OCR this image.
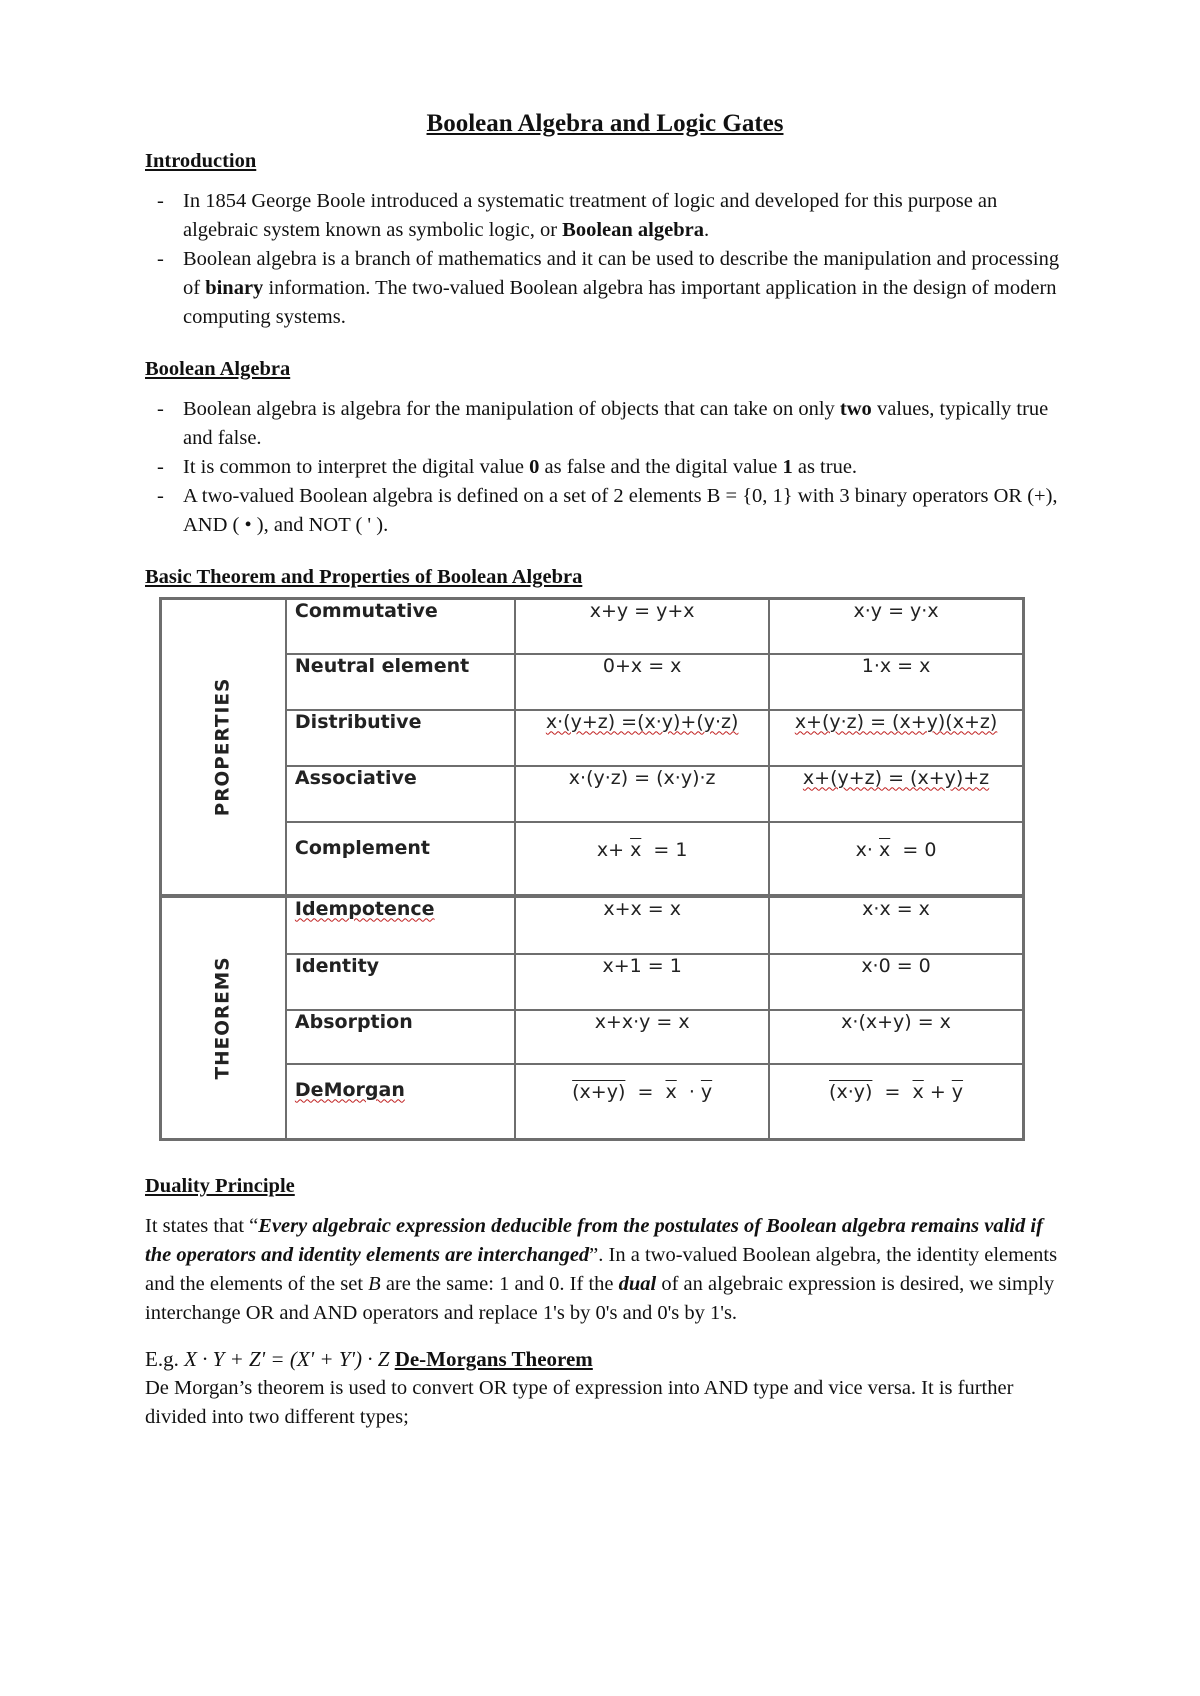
Boolean Algebra and Logic Gates
Introduction
- In 1854 George Boole introduced a systematic treatment of logic and developed for this purpose an algebraic system known as symbolic logic, or Boolean algebra.
- Boolean algebra is a branch of mathematics and it can be used to describe the manipulation and processing of binary information. The two-valued Boolean algebra has important application in the design of modern computing systems.
Boolean Algebra
- Boolean algebra is algebra for the manipulation of objects that can take on only two values, typically true and false.
- It is common to interpret the digital value 0 as false and the digital value 1 as true.
- A two-valued Boolean algebra is defined on a set of 2 elements B = {0, 1} with 3 binary operators OR (+), AND ( • ), and NOT ( ' ).
Basic Theorem and Properties of Boolean Algebra
PROPERTIES	Commutative	x+y = y+x	x·y = y·x
	Neutral element	0+x = x	1·x = x
	Distributive	x·(y+z) =(x·y)+(y·z)	x+(y·z) = (x+y)(x+z)
	Associative	x·(y·z) = (x·y)·z	x+(y+z) = (x+y)+z
	Complement	$x+ \overline{x} = 1$	$x\cdot \overline{x} = 0$

THEOREMS	Idempotence	x+x = x	x·x = x
	Identity	x+1 = 1	x·0 = 0
	Absorption	x+x·y = x	x·(x+y) = x
	DeMorgan	$(x+y) = \overline{x} \cdot \overline{y}$	$(x\cdot y) = \overline{x} + \overline{y}$
Duality Principle

It states that “Every algebraic expression deducible from the postulates of Boolean algebra remains valid if the operators and identity elements are interchanged”. In a two-valued Boolean algebra, the identity elements and the elements of the set B are the same: 1 and 0. If the dual of an algebraic expression is desired, we simply interchange OR and AND operators and replace 1's by 0's and 0's by 1's.

E.g. X · Y + Z' = (X' + Y') · Z De-Morgans Theorem

De Morgan’s theorem is used to convert OR type of expression into AND type and vice versa. It is further divided into two different types;
